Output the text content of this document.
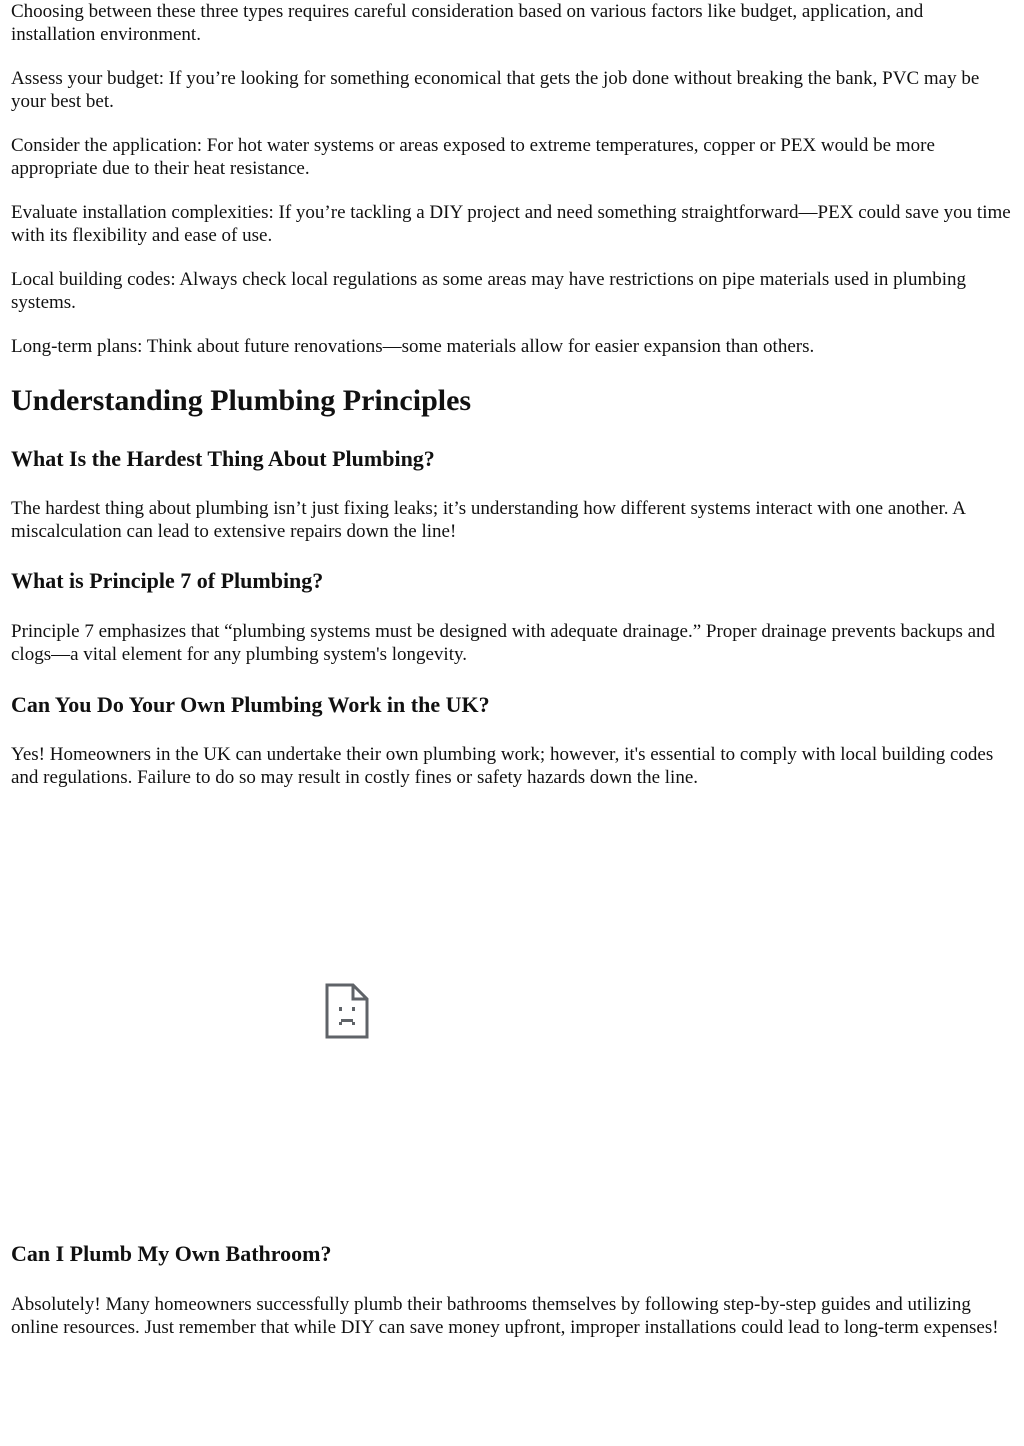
Choosing between these three types requires careful consideration based on various factors like budget, application, and installation environment.

Assess your budget: If you’re looking for something economical that gets the job done without breaking the bank, PVC may be your best bet.

Consider the application: For hot water systems or areas exposed to extreme temperatures, copper or PEX would be more appropriate due to their heat resistance.

Evaluate installation complexities: If you’re tackling a DIY project and need something straightforward—PEX could save you time with its flexibility and ease of use.

Local building codes: Always check local regulations as some areas may have restrictions on pipe materials used in plumbing systems.

Long-term plans: Think about future renovations—some materials allow for easier expansion than others.

Understanding Plumbing Principles
What Is the Hardest Thing About Plumbing?

The hardest thing about plumbing isn’t just fixing leaks; it’s understanding how different systems interact with one another. A miscalculation can lead to extensive repairs down the line!

What is Principle 7 of Plumbing?

Principle 7 emphasizes that “plumbing systems must be designed with adequate drainage.” Proper drainage prevents backups and clogs—a vital element for any plumbing system's longevity.

Can You Do Your Own Plumbing Work in the UK?

Yes! Homeowners in the UK can undertake their own plumbing work; however, it's essential to comply with local building codes and regulations. Failure to do so may result in costly fines or safety hazards down the line.

Can I Plumb My Own Bathroom?

Absolutely! Many homeowners successfully plumb their bathrooms themselves by following step-by-step guides and utilizing online resources. Just remember that while DIY can save money upfront, improper installations could lead to long-term expenses!
